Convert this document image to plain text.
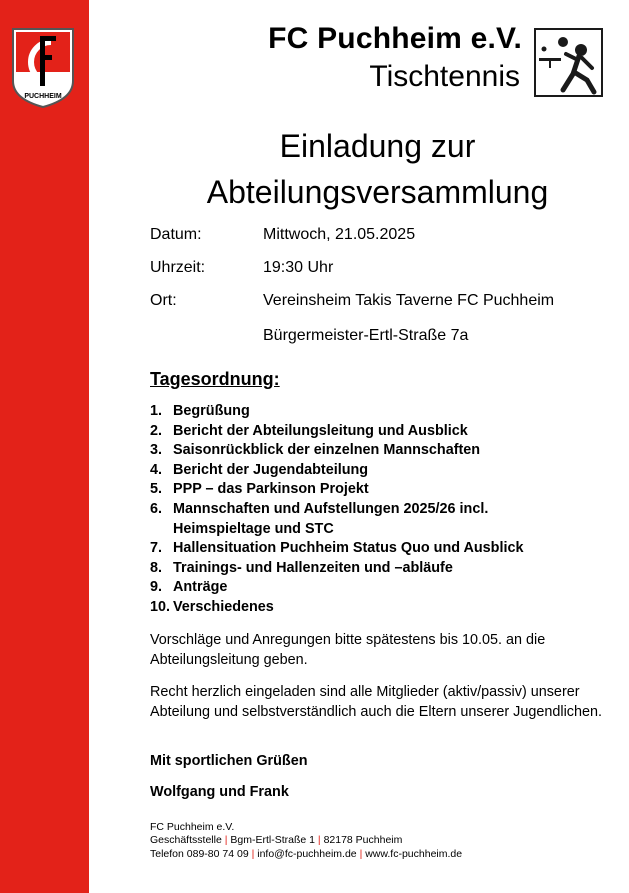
PUCHHEIM
FC Puchheim e.V.
Tischtennis
Einladung zur
Abteilungsversammlung
Datum:	Mittwoch, 21.05.2025
Uhrzeit:	19:30 Uhr
Ort:	Vereinsheim Takis Taverne FC Puchheim
Bürgermeister-Ertl-Straße 7a
Tagesordnung:
1. Begrüßung
2. Bericht der Abteilungsleitung und Ausblick
3. Saisonrückblick der einzelnen Mannschaften
4. Bericht der Jugendabteilung
5. PPP – das Parkinson Projekt
6. Mannschaften und Aufstellungen 2025/26 incl. Heimspieltage und STC
7. Hallensituation Puchheim Status Quo und Ausblick
8. Trainings- und Hallenzeiten und –abläufe
9. Anträge
10. Verschiedenes

Vorschläge und Anregungen bitte spätestens bis 10.05. an die Abteilungsleitung geben.

Recht herzlich eingeladen sind alle Mitglieder (aktiv/passiv) unserer Abteilung und selbstverständlich auch die Eltern unserer Jugendlichen.

Mit sportlichen Grüßen

Wolfgang und Frank

FC Puchheim e.V.
Geschäftsstelle | Bgm-Ertl-Straße 1 | 82178 Puchheim
Telefon 089-80 74 09 | info@fc-puchheim.de | www.fc-puchheim.de
